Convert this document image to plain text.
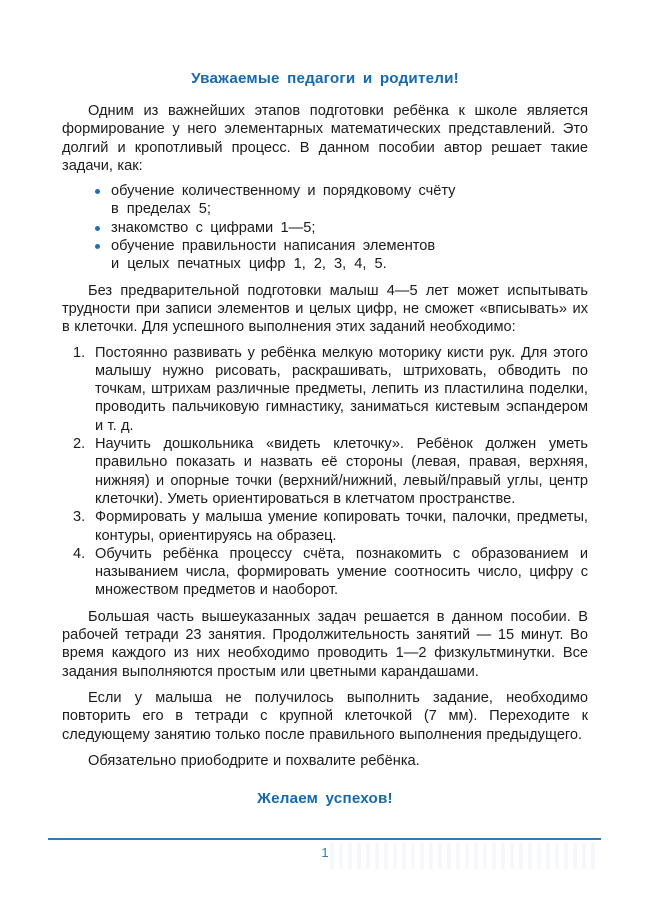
Уважаемые педагоги и родители!

Одним из важнейших этапов подготовки ребёнка к школе является формирование у него элементарных математических представлений. Это долгий и кропотливый процесс. В данном пособии автор решает такие задачи, как:

обучение количественному и порядковому счёту
в пределах 5;
знакомство с цифрами 1—5;
обучение правильности написания элементов
и целых печатных цифр 1, 2, 3, 4, 5.

Без предварительной подготовки малыш 4—5 лет может испытывать трудности при записи элементов и целых цифр, не сможет «вписывать» их в клеточки. Для успешного выполнения этих заданий необходимо:

1. Постоянно развивать у ребёнка мелкую моторику кисти рук. Для этого малышу нужно рисовать, раскрашивать, штриховать, обводить по точкам, штрихам различные предметы, лепить из пластилина поделки, проводить пальчиковую гимнастику, заниматься кистевым эспандером и т. д.
2. Научить дошкольника «видеть клеточку». Ребёнок должен уметь правильно показать и назвать её стороны (левая, правая, верхняя, нижняя) и опорные точки (верхний/нижний, левый/правый углы, центр клеточки). Уметь ориентироваться в клетчатом пространстве.
3. Формировать у малыша умение копировать точки, палочки, предметы, контуры, ориентируясь на образец.
4. Обучить ребёнка процессу счёта, познакомить с образованием и называнием числа, формировать умение соотносить число, цифру с множеством предметов и наоборот.

Большая часть вышеуказанных задач решается в данном пособии. В рабочей тетради 23 занятия. Продолжительность занятий — 15 минут. Во время каждого из них необходимо проводить 1—2 физкультминутки. Все задания выполняются простым или цветными карандашами.

Если у малыша не получилось выполнить задание, необходимо повторить его в тетради с крупной клеточкой (7 мм). Переходите к следующему занятию только после правильного выполнения предыдущего.

Обязательно приободрите и похвалите ребёнка.

Желаем успехов!
1
